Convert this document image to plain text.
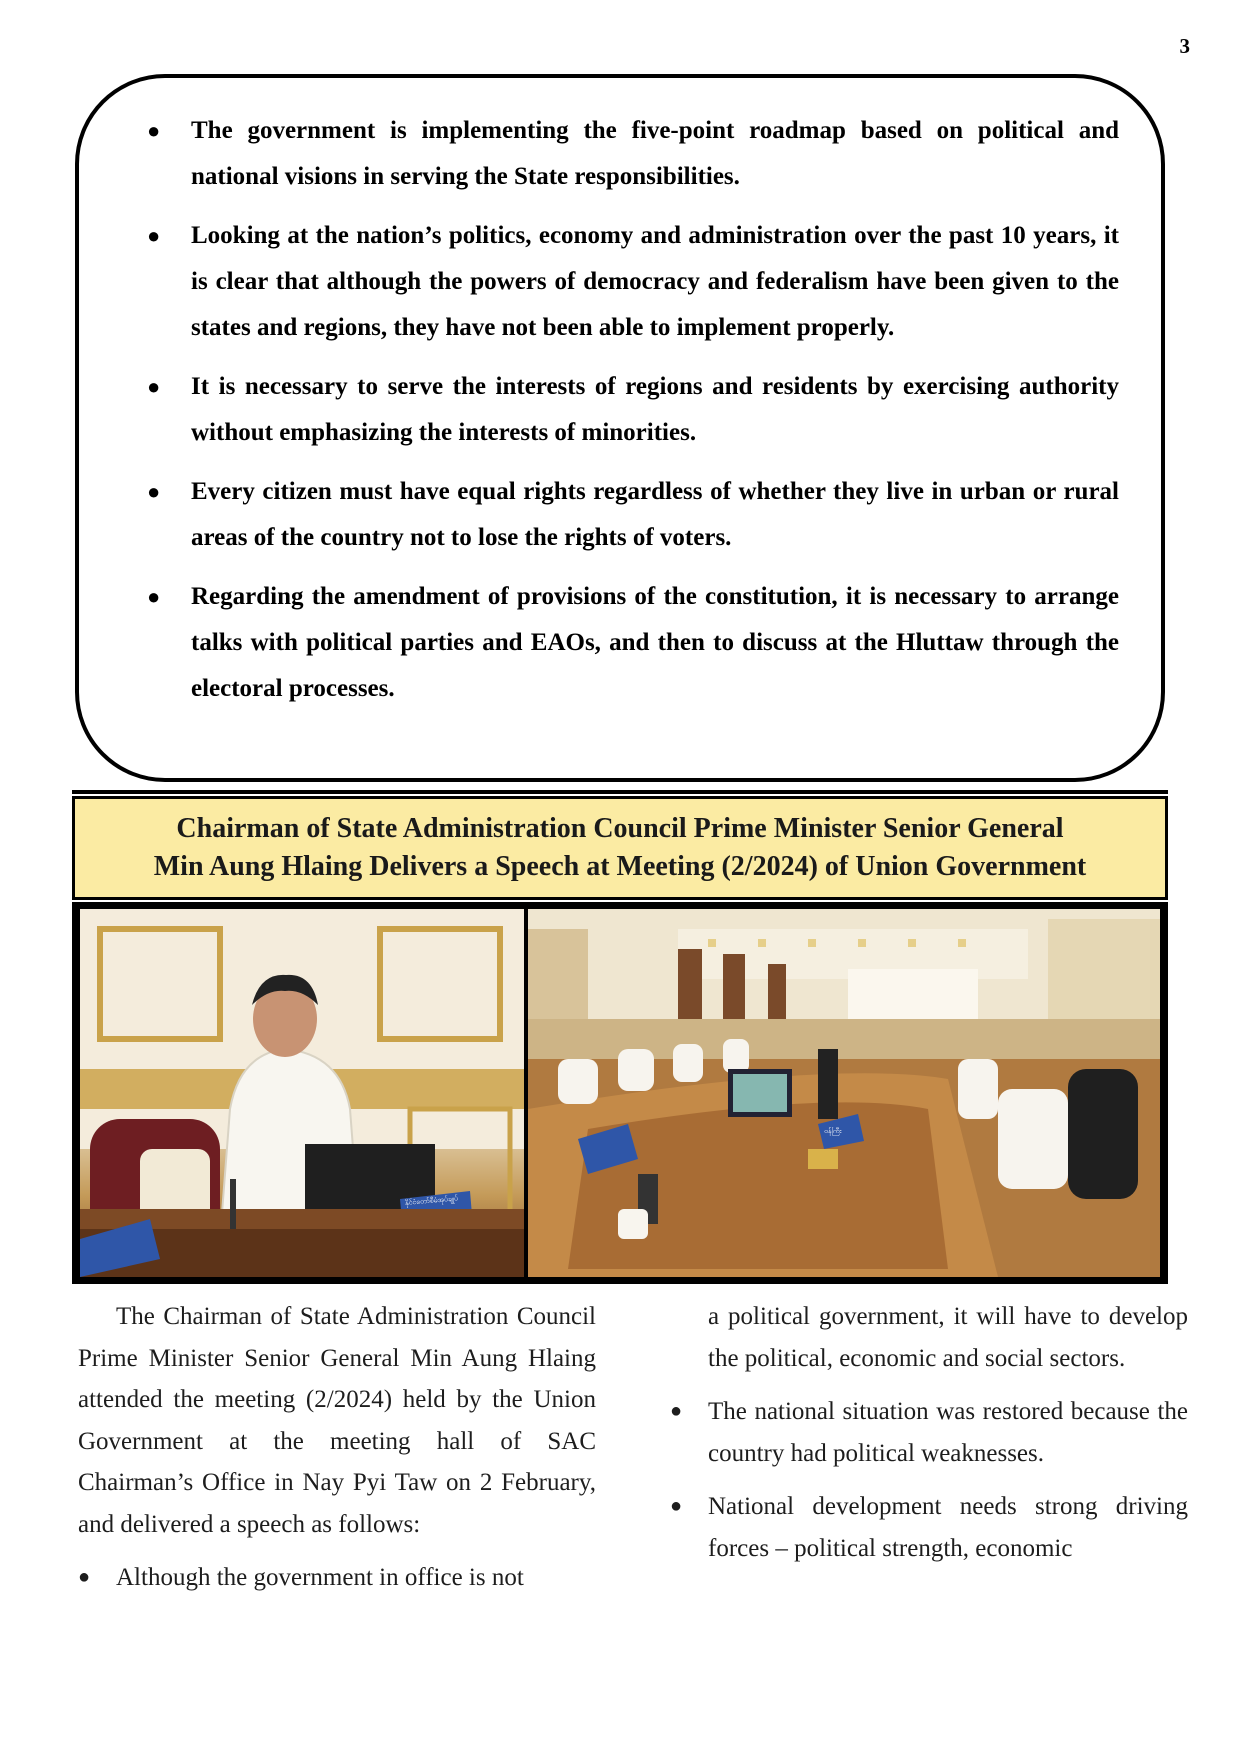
3
● The government is implementing the five-point roadmap based on political and national visions in serving the State responsibilities.
● Looking at the nation’s politics, economy and administration over the past 10 years, it is clear that although the powers of democracy and federalism have been given to the states and regions, they have not been able to implement properly.
● It is necessary to serve the interests of regions and residents by exercising authority without emphasizing the interests of minorities.
● Every citizen must have equal rights regardless of whether they live in urban or rural areas of the country not to lose the rights of voters.
● Regarding the amendment of provisions of the constitution, it is necessary to arrange talks with political parties and EAOs, and then to discuss at the Hluttaw through the electoral processes.
Chairman of State Administration Council Prime Minister Senior General
Min Aung Hlaing Delivers a Speech at Meeting (2/2024) of Union Government
နိုင်ငံတော်စီမံအုပ်ချုပ်
ဝန်ကြီး

The Chairman of State Administration Council Prime Minister Senior General Min Aung Hlaing attended the meeting (2/2024) held by the Union Government at the meeting hall of SAC Chairman’s Office in Nay Pyi Taw on 2 February, and delivered a speech as follows:

● Although the government in office is not

a political government, it will have to develop the political, economic and social sectors.

● The national situation was restored because the country had political weaknesses.
● National development needs strong driving forces – political strength, economic
